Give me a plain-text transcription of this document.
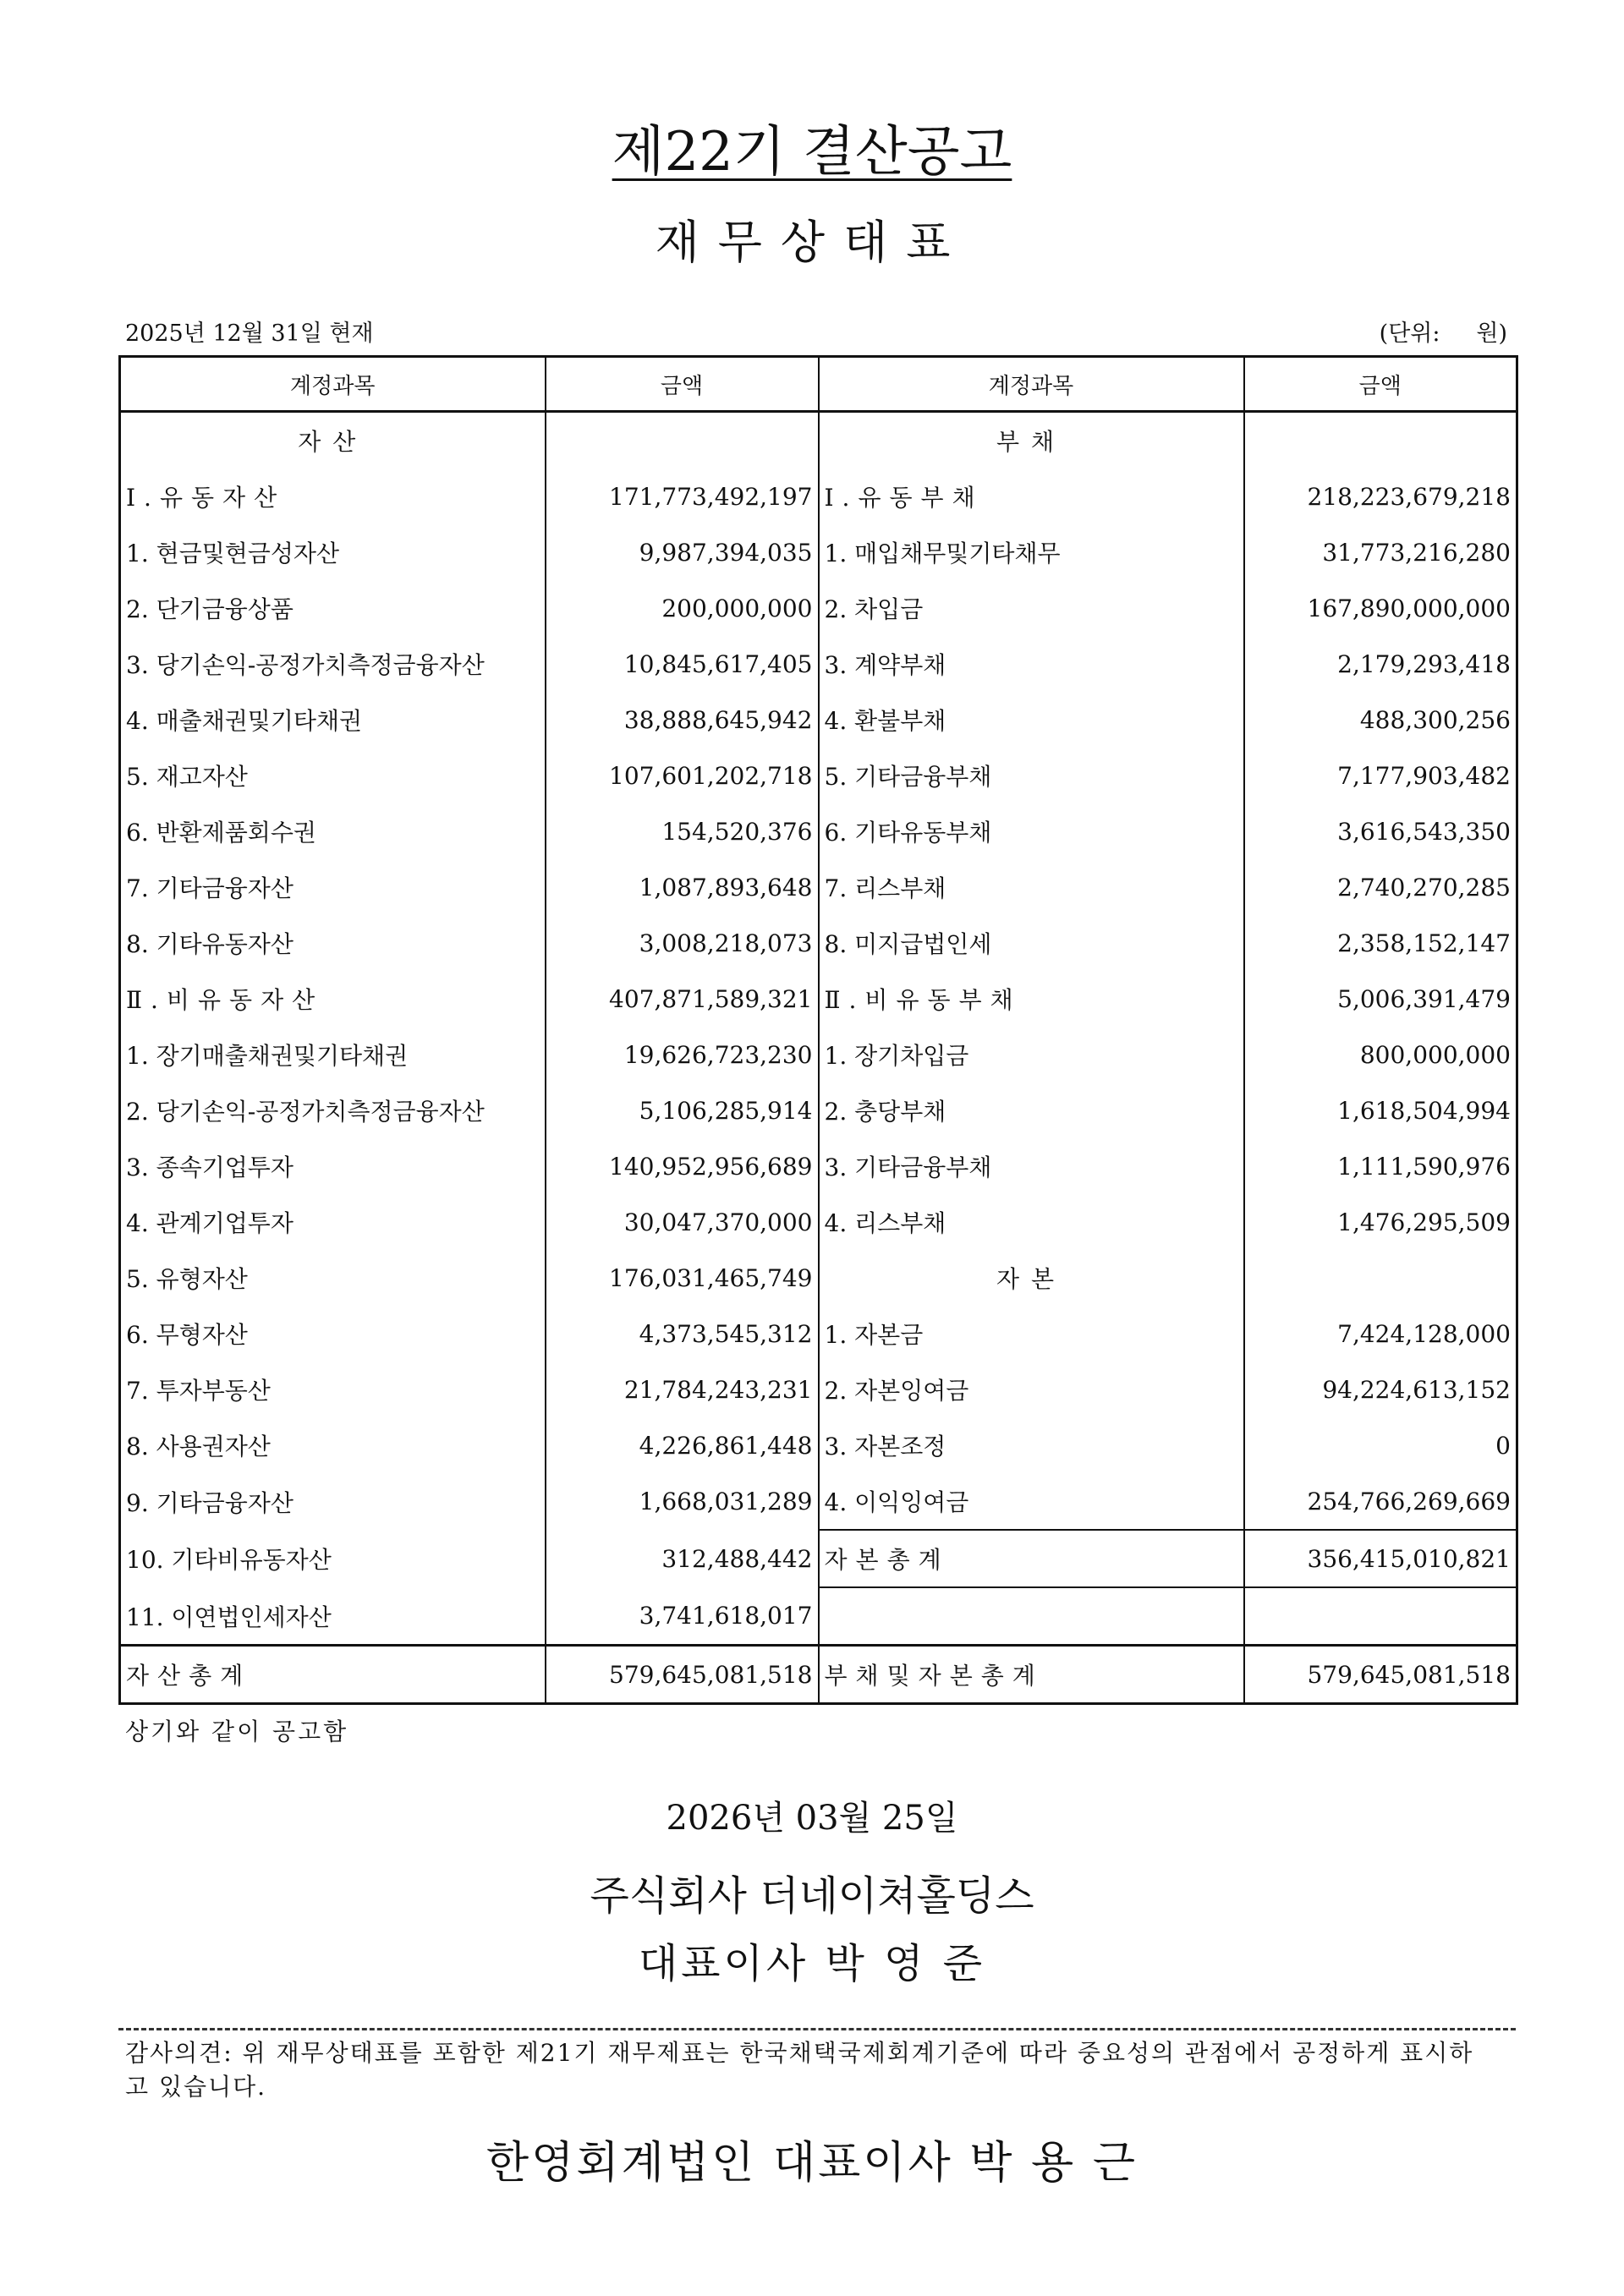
제22기 결산공고
재무상태표
2025년 12월 31일 현재	(단위:     원)
계정과목	금액	계정과목	금액
자산		부채	
Ⅰ.유동자산	171,773,492,197	Ⅰ.유동부채	218,223,679,218
1. 현금및현금성자산	9,987,394,035	1. 매입채무및기타채무	31,773,216,280
2. 단기금융상품	200,000,000	2. 차입금	167,890,000,000
3. 당기손익-공정가치측정금융자산	10,845,617,405	3. 계약부채	2,179,293,418
4. 매출채권및기타채권	38,888,645,942	4. 환불부채	488,300,256
5. 재고자산	107,601,202,718	5. 기타금융부채	7,177,903,482
6. 반환제품회수권	154,520,376	6. 기타유동부채	3,616,543,350
7. 기타금융자산	1,087,893,648	7. 리스부채	2,740,270,285
8. 기타유동자산	3,008,218,073	8. 미지급법인세	2,358,152,147
Ⅱ.비유동자산	407,871,589,321	Ⅱ.비유동부채	5,006,391,479
1. 장기매출채권및기타채권	19,626,723,230	1. 장기차입금	800,000,000
2. 당기손익-공정가치측정금융자산	5,106,285,914	2. 충당부채	1,618,504,994
3. 종속기업투자	140,952,956,689	3. 기타금융부채	1,111,590,976
4. 관계기업투자	30,047,370,000	4. 리스부채	1,476,295,509
5. 유형자산	176,031,465,749	자본	
6. 무형자산	4,373,545,312	1. 자본금	7,424,128,000
7. 투자부동산	21,784,243,231	2. 자본잉여금	94,224,613,152
8. 사용권자산	4,226,861,448	3. 자본조정	0
9. 기타금융자산	1,668,031,289	4. 이익잉여금	254,766,269,669
10. 기타비유동자산	312,488,442	자본총계	356,415,010,821
11. 이연법인세자산	3,741,618,017		
자산총계	579,645,081,518	부채및자본총계	579,645,081,518
상기와 같이 공고함
2026년 03월 25일
주식회사 더네이쳐홀딩스
대표이사 박 영 준
감사의견: 위 재무상태표를 포함한 제21기 재무제표는 한국채택국제회계기준에 따라 중요성의 관점에서 공정하게 표시하고 있습니다.
한영회계법인 대표이사 박 용 근
